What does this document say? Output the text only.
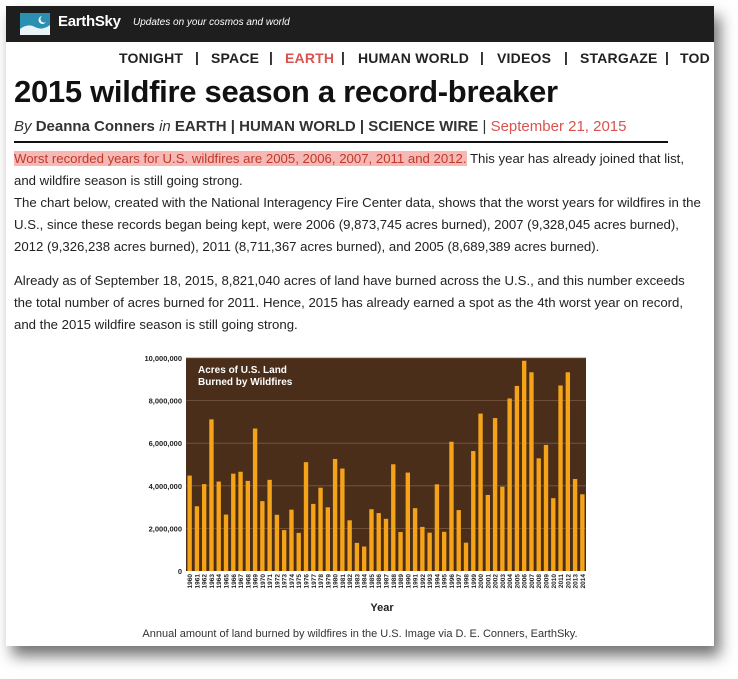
EarthSky Updates on your cosmos and world
TONIGHT | SPACE | EARTH | HUMAN WORLD | VIDEOS | STARGAZE | TOD
2015 wildfire season a record-breaker
By Deanna Conners in EARTH | HUMAN WORLD | SCIENCE WIRE | September 21, 2015
Worst recorded years for U.S. wildfires are 2005, 2006, 2007, 2011 and 2012. This year has already joined that list, and wildfire season is still going strong.
The chart below, created with the National Interagency Fire Center data, shows that the worst years for wildfires in the U.S., since these records began being kept, were 2006 (9,873,745 acres burned), 2007 (9,328,045 acres burned), 2012 (9,326,238 acres burned), 2011 (8,711,367 acres burned), and 2005 (8,689,389 acres burned).
Already as of September 18, 2015, 8,821,040 acres of land have burned across the U.S., and this number exceeds the total number of acres burned for 2011. Hence, 2015 has already earned a spot as the 4th worst year on record, and the 2015 wildfire season is still going strong.
0
2,000,000
4,000,000
6,000,000
8,000,000
10,000,000
1960 1961 1962 1963 1964 1965 1966 1967 1968 1969 1970 1971 1972 1973 1974 1975 1976 1977 1978 1979 1980 1981 1982 1983 1984 1985 1986 1987 1988 1989 1990 1991 1992 1993 1994 1995 1996 1997 1998 1999 2000 2001 2002 2003 2004 2005 2006 2007 2008 2009 2010 2011 2012 2013 2014
Acres of U.S. Land
Burned by Wildfires
Year
Annual amount of land burned by wildfires in the U.S. Image via D. E. Conners, EarthSky.
